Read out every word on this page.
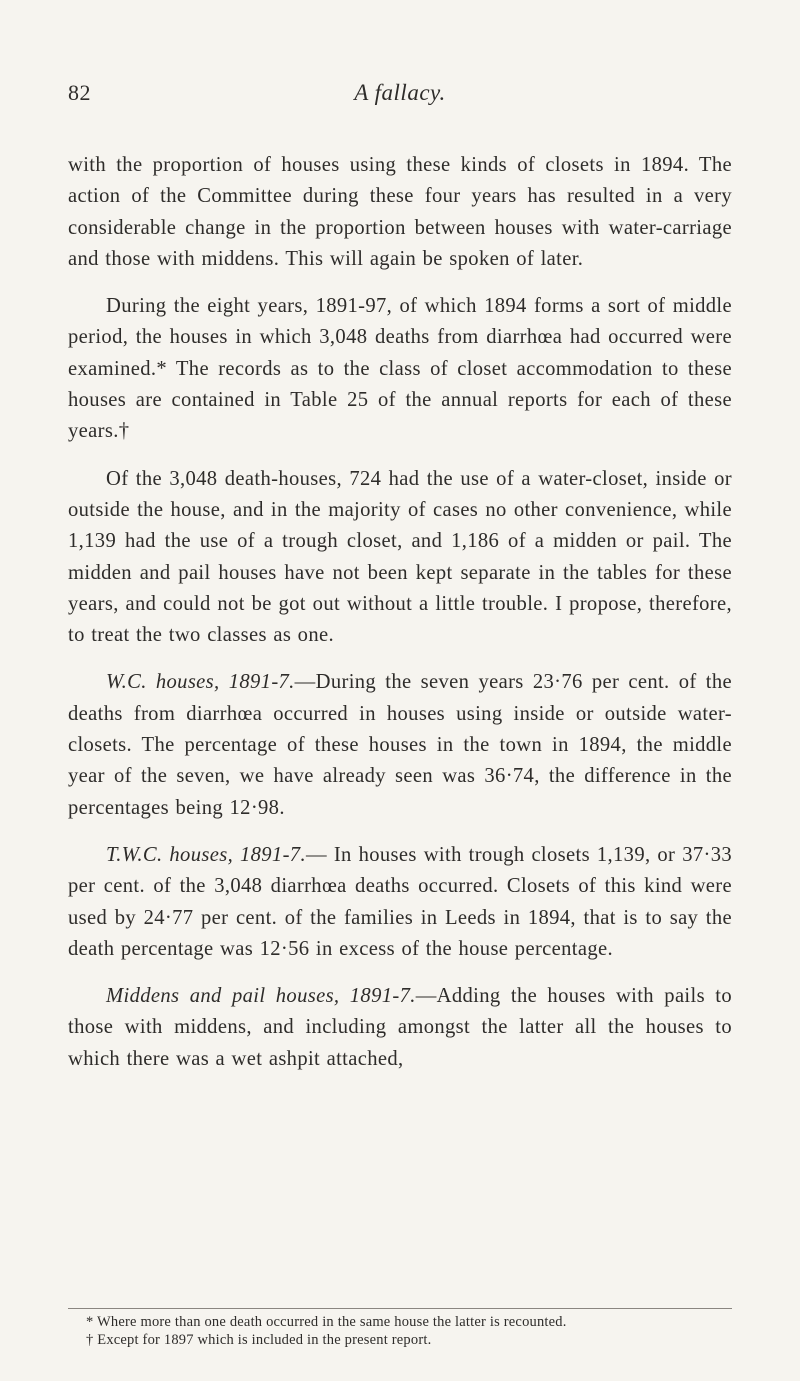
82	A fallacy.

with the proportion of houses using these kinds of closets in 1894. The action of the Committee during these four years has resulted in a very considerable change in the proportion between houses with water-carriage and those with middens. This will again be spoken of later.

During the eight years, 1891-97, of which 1894 forms a sort of middle period, the houses in which 3,048 deaths from diarrhœa had occurred were examined.* The records as to the class of closet accommodation to these houses are contained in Table 25 of the annual reports for each of these years.†

Of the 3,048 death-houses, 724 had the use of a water-closet, inside or outside the house, and in the majority of cases no other convenience, while 1,139 had the use of a trough closet, and 1,186 of a midden or pail. The midden and pail houses have not been kept separate in the tables for these years, and could not be got out without a little trouble. I propose, therefore, to treat the two classes as one.

W.C. houses, 1891-7.—During the seven years 23·76 per cent. of the deaths from diarrhœa occurred in houses using inside or outside water-closets. The percentage of these houses in the town in 1894, the middle year of the seven, we have already seen was 36·74, the difference in the percentages being 12·98.

T.W.C. houses, 1891-7.— In houses with trough closets 1,139, or 37·33 per cent. of the 3,048 diarrhœa deaths occurred. Closets of this kind were used by 24·77 per cent. of the families in Leeds in 1894, that is to say the death percentage was 12·56 in excess of the house percentage.

Middens and pail houses, 1891-7.—Adding the houses with pails to those with middens, and including amongst the latter all the houses to which there was a wet ashpit attached,

* Where more than one death occurred in the same house the latter is recounted.

† Except for 1897 which is included in the present report.
